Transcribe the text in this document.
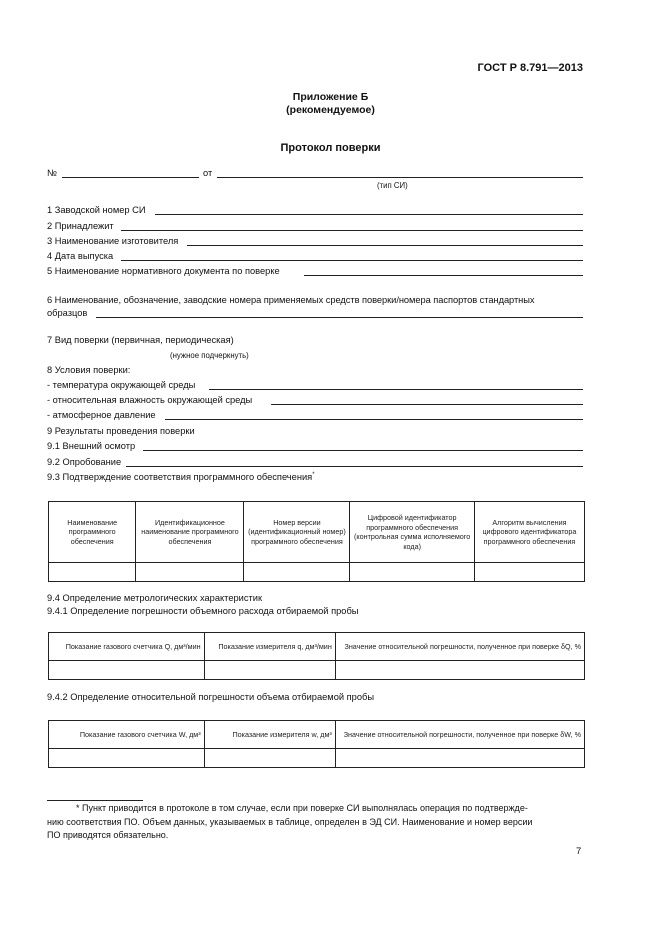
ГОСТ Р 8.791—2013
Приложение Б
(рекомендуемое)
Протокол поверки
№	от
(тип СИ)
1 Заводской номер СИ
2 Принадлежит
3 Наименование изготовителя
4 Дата выпуска
5 Наименование нормативного документа по поверке
6 Наименование, обозначение, заводские номера применяемых средств поверки/номера паспортов стандартных
образцов
7 Вид поверки (первичная, периодическая)
(нужное подчеркнуть)
8 Условия поверки:
- температура окружающей среды
- относительная влажность окружающей среды
- атмосферное давление
9 Результаты проведения поверки
9.1 Внешний осмотр
9.2 Опробование
9.3 Подтверждение соответствия программного обеспечения*
Наименование программного обеспечения	Идентификационное наименование программного обеспечения	Номер версии (идентификационный номер) программного обеспечения	Цифровой идентификатор программного обеспечения (контрольная сумма исполняемого кода)	Алгоритм вычисления цифрового идентификатора программного обеспечения

9.4 Определение метрологических характеристик
9.4.1 Определение погрешности объемного расхода отбираемой пробы
Показание газового счетчика Q, дм³/мин	Показание измерителя q, дм³/мин	Значение относительной погрешности, полученное при поверке δQ, %

9.4.2 Определение относительной погрешности объема отбираемой пробы
Показание газового счетчика W, дм³	Показание измерителя w, дм³	Значение относительной погрешности, полученное при поверке δW, %

* Пункт приводится в протоколе в том случае, если при поверке СИ выполнялась операция по подтвержде-
нию соответствия ПО. Объем данных, указываемых в таблице, определен в ЭД СИ. Наименование и номер версии
ПО приводятся обязательно.
7
